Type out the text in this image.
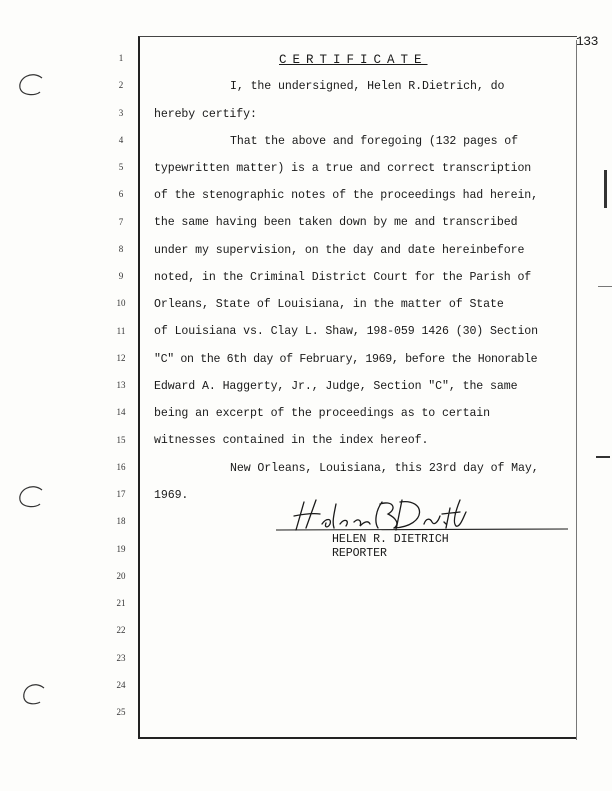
133
1
2
3
4
5
6
7
8
9
10
11
12
13
14
15
16
17
18
19
20
21
22
23
24
25
CERTIFICATE
I, the undersigned, Helen R.Dietrich, do
hereby certify:
That the above and foregoing (132 pages of
typewritten matter) is a true and correct transcription
of the stenographic notes of the proceedings had herein,
the same having been taken down by me and transcribed
under my supervision, on the day and date hereinbefore
noted, in the Criminal District Court for the Parish of
Orleans, State of Louisiana, in the matter of State
of Louisiana vs. Clay L. Shaw, 198-059 1426 (30) Section
"C" on the 6th day of February, 1969, before the Honorable
Edward A. Haggerty, Jr., Judge, Section "C", the same
being an excerpt of the proceedings as to certain
witnesses contained in the index hereof.
New Orleans, Louisiana, this 23rd day of May,
1969.
HELEN R. DIETRICH
REPORTER
